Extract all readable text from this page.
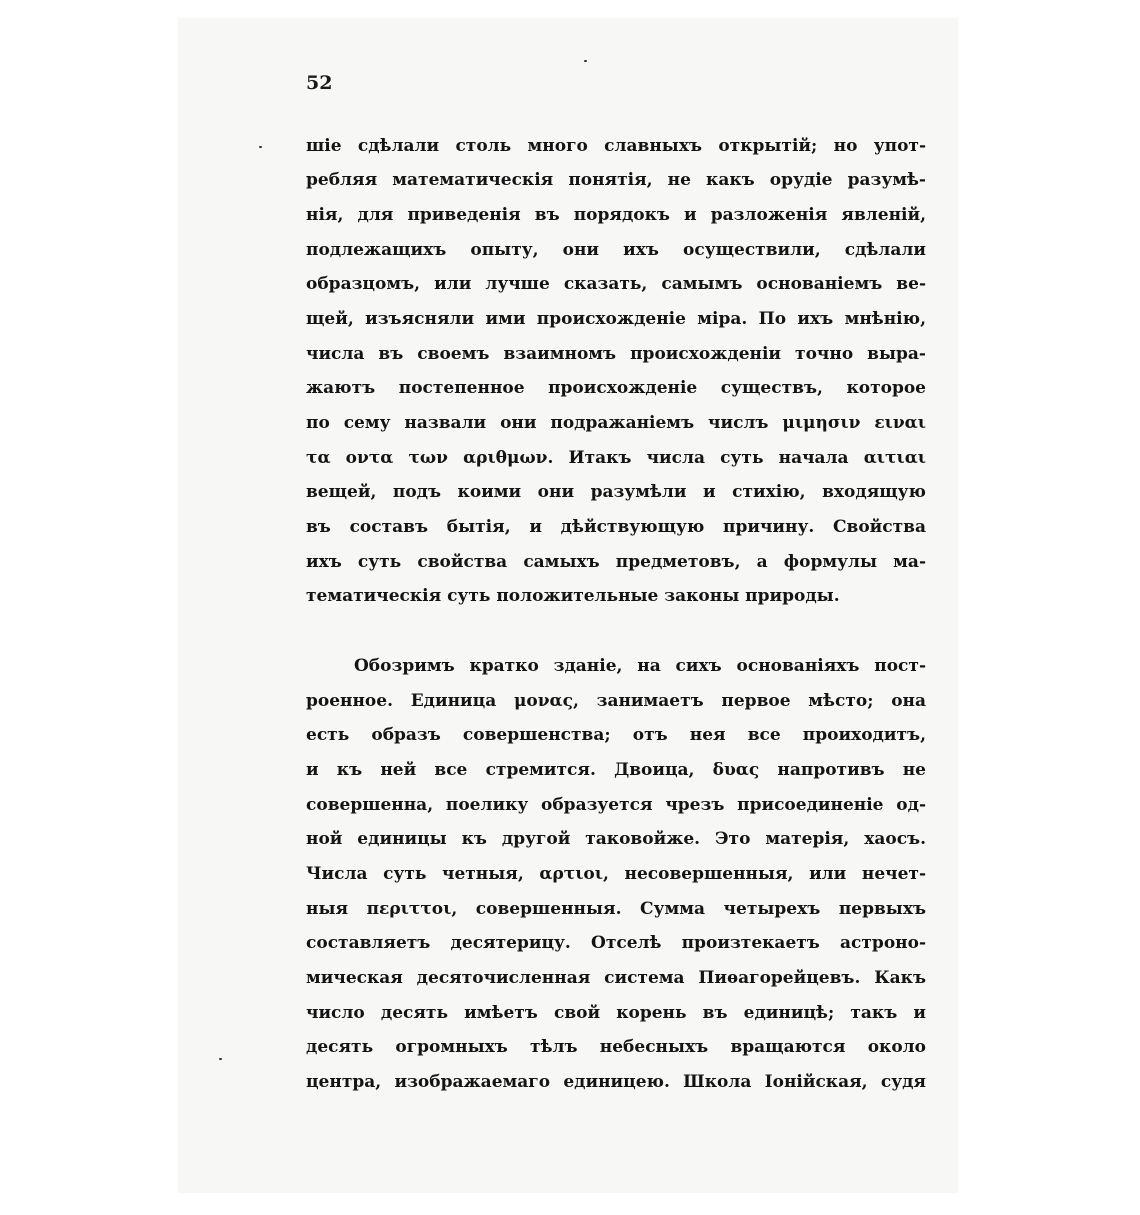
52
шіе сдѣлали столь много славныхъ открытій; но упот-
ребляя математическія понятія, не какъ орудіе разумѣ-
нія, для приведенія въ порядокъ и разложенія явленій,
подлежащихъ опыту, они ихъ осуществили, сдѣлали
образцомъ, или лучше сказать, самымъ основаніемъ ве-
щей, изъясняли ими происхожденіе міра. По ихъ мнѣнію,
числа въ своемъ взаимномъ происхожденіи точно выра-
жаютъ постепенное происхожденіе существъ, которое
по сему назвали они подражаніемъ числъ μιμησιν ειναι
τα οντα των αριθμων. Итакъ числа суть начала αιτιαι
вещей, подъ коими они разумѣли и стихію, входящую
въ составъ бытія, и дѣйствующую причину. Свойства
ихъ суть свойства самыхъ предметовъ, а формулы ма-
тематическія суть положительные законы природы.
Обозримъ кратко зданіе, на сихъ основаніяхъ пост-
роенное. Единица μονας, занимаетъ первое мѣсто; она
есть образъ совершенства; отъ нея все проиходитъ,
и къ ней все стремится. Двоица, δυας напротивъ не
совершенна, поелику образуется чрезъ присоединеніе од-
ной единицы къ другой таковойже. Это матерія, хаосъ.
Числа суть четныя, αρτιοι, несовершенныя, или нечет-
ныя περιττοι, совершенныя. Сумма четырехъ первыхъ
составляетъ десятерицу. Отселѣ произтекаетъ астроно-
мическая десяточисленная система Пиѳагорейцевъ. Какъ
число десять имѣетъ свой корень въ единицѣ; такъ и
десять огромныхъ тѣлъ небесныхъ вращаются около
центра, изображаемаго единицею. Школа Іонійская, судя
